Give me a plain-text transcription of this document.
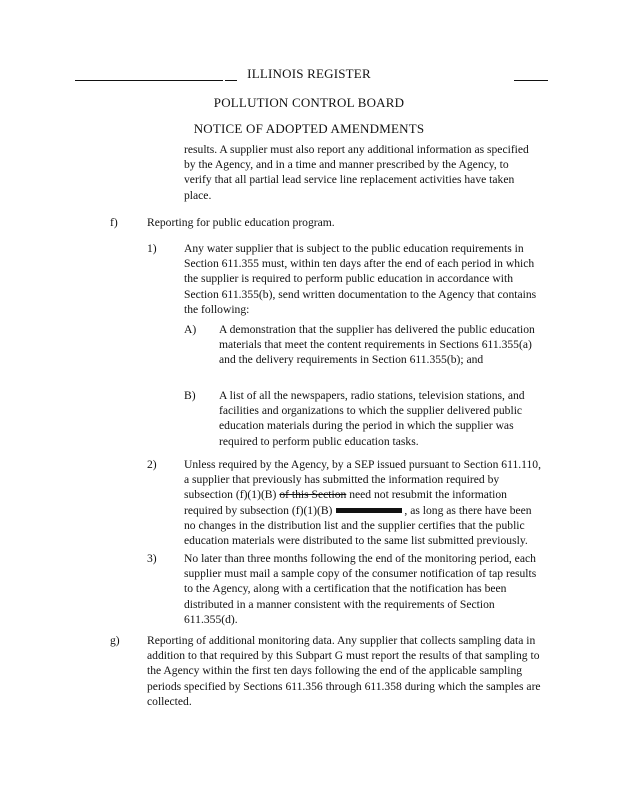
ILLINOIS REGISTER
POLLUTION CONTROL BOARD
NOTICE OF ADOPTED AMENDMENTS
results. A supplier must also report any additional information as specified by the Agency, and in a time and manner prescribed by the Agency, to verify that all partial lead service line replacement activities have taken place.
f)	Reporting for public education program.
1) Any water supplier that is subject to the public education requirements in Section 611.355 must, within ten days after the end of each period in which the supplier is required to perform public education in accordance with Section 611.355(b), send written documentation to the Agency that contains the following:
A) A demonstration that the supplier has delivered the public education materials that meet the content requirements in Sections 611.355(a) and the delivery requirements in Section 611.355(b); and
B) A list of all the newspapers, radio stations, television stations, and facilities and organizations to which the supplier delivered public education materials during the period in which the supplier was required to perform public education tasks.
2) Unless required by the Agency, by a SEP issued pursuant to Section 611.110, a supplier that previously has submitted the information required by subsection (f)(1)(B) of this Section need not resubmit the information required by subsection (f)(1)(B)	, as long as there have been no changes in the distribution list and the supplier certifies that the public education materials were distributed to the same list submitted previously.
3) No later than three months following the end of the monitoring period, each supplier must mail a sample copy of the consumer notification of tap results to the Agency, along with a certification that the notification has been distributed in a manner consistent with the requirements of Section 611.355(d).
g) Reporting of additional monitoring data. Any supplier that collects sampling data in addition to that required by this Subpart G must report the results of that sampling to the Agency within the first ten days following the end of the applicable sampling periods specified by Sections 611.356 through 611.358 during which the samples are collected.
